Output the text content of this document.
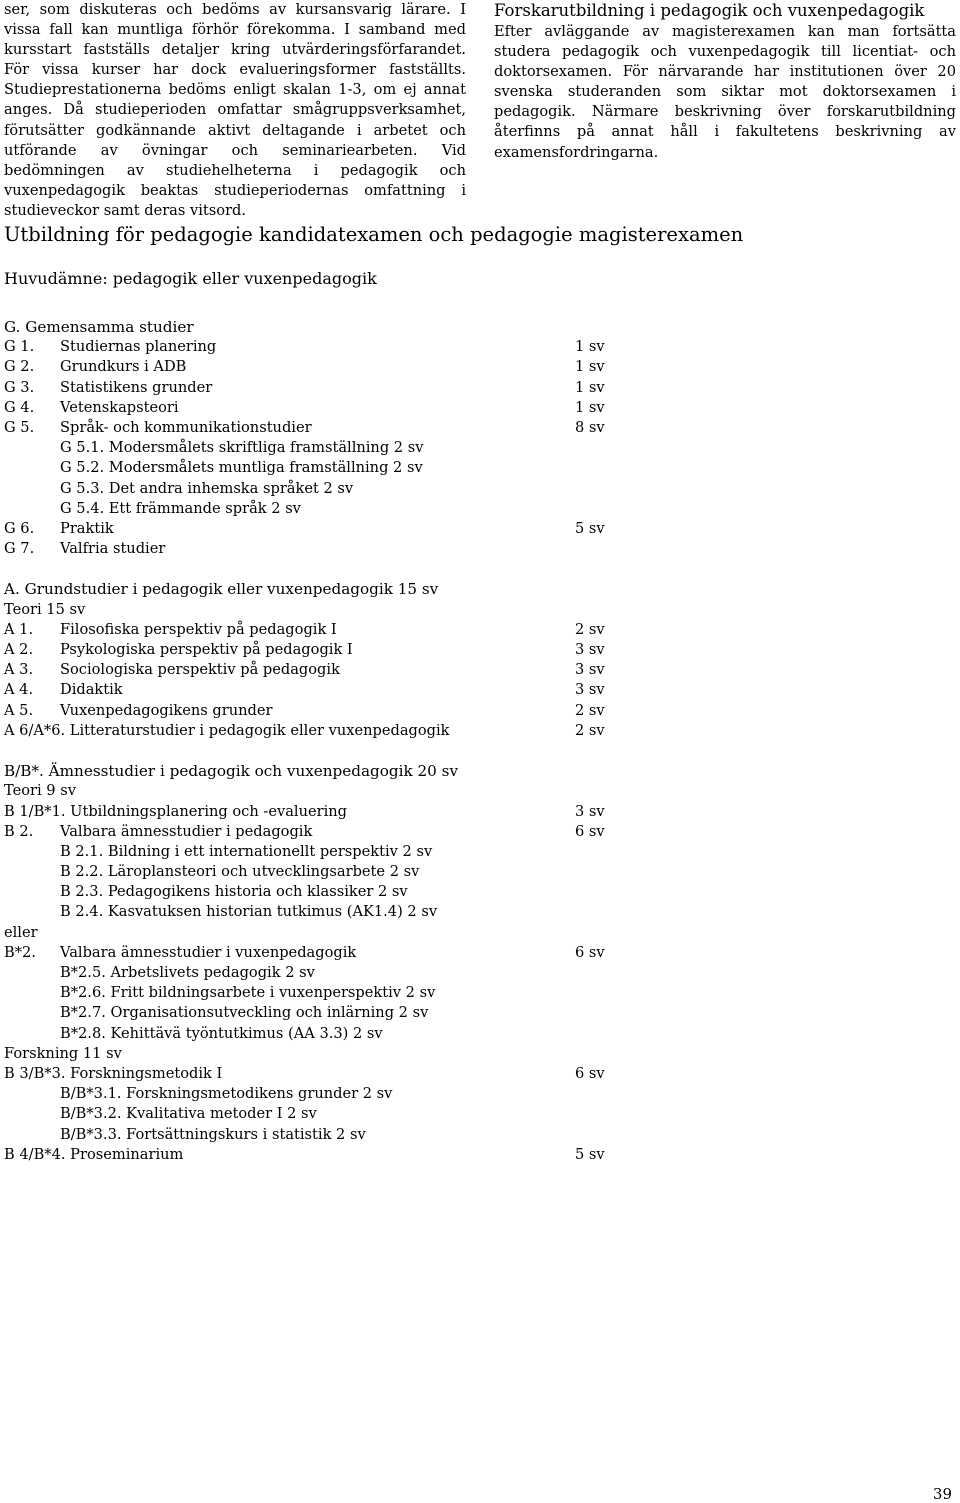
ser, som diskuteras och bedöms av kursansvarig lärare. I vissa fall kan muntliga förhör förekomma. I samband med kursstart fastställs detaljer kring utvärderingsförfarandet. För vissa kurser har dock evalueringsformer fastställts. Studieprestationerna bedöms enligt skalan 1-3, om ej annat anges. Då studieperioden omfattar smågruppsverksamhet, förutsätter godkännande aktivt deltagande i arbetet och utförande av övningar och seminariearbeten. Vid bedömningen av studiehelheterna i pedagogik och vuxenpedagogik beaktas studieperiodernas omfattning i studieveckor samt deras vitsord.

Forskarutbildning i pedagogik och vuxenpedagogik

Efter avläggande av magisterexamen kan man fortsätta studera pedagogik och vuxenpedagogik till licentiat- och doktorsexamen. För närvarande har institutionen över 20 svenska studeranden som siktar mot doktorsexamen i pedagogik. Närmare beskrivning över forskarutbildning återfinns på annat håll i fakultetens beskrivning av examensfordringarna.

Utbildning för pedagogie kandidatexamen och pedagogie magisterexamen
Huvudämne: pedagogik eller vuxenpedagogik
G. Gemensamma studier
G 1. Studiernas planering	1 sv
G 2. Grundkurs i ADB	1 sv
G 3. Statistikens grunder	1 sv
G 4. Vetenskapsteori	1 sv
G 5. Språk- och kommunikationstudier	8 sv
G 5.1. Modersmålets skriftliga framställning 2 sv
G 5.2. Modersmålets muntliga framställning 2 sv
G 5.3. Det andra inhemska språket 2 sv
G 5.4. Ett främmande språk 2 sv
G 6. Praktik	5 sv
G 7. Valfria studier
A. Grundstudier i pedagogik eller vuxenpedagogik 15 sv
Teori 15 sv
A 1. Filosofiska perspektiv på pedagogik I	2 sv
A 2. Psykologiska perspektiv på pedagogik I	3 sv
A 3. Sociologiska perspektiv på pedagogik	3 sv
A 4. Didaktik	3 sv
A 5. Vuxenpedagogikens grunder	2 sv
A 6/A*6. Litteraturstudier i pedagogik eller vuxenpedagogik	2 sv
B/B*. Ämnesstudier i pedagogik och vuxenpedagogik 20 sv
Teori 9 sv
B 1/B*1. Utbildningsplanering och -evaluering	3 sv
B 2. Valbara ämnesstudier i pedagogik	6 sv
B 2.1. Bildning i ett internationellt perspektiv 2 sv
B 2.2. Läroplansteori och utvecklingsarbete 2 sv
B 2.3. Pedagogikens historia och klassiker 2 sv
B 2.4. Kasvatuksen historian tutkimus (AK1.4) 2 sv
eller
B*2. Valbara ämnesstudier i vuxenpedagogik	6 sv
B*2.5. Arbetslivets pedagogik 2 sv
B*2.6. Fritt bildningsarbete i vuxenperspektiv 2 sv
B*2.7. Organisationsutveckling och inlärning 2 sv
B*2.8. Kehittävä työntutkimus (AA 3.3) 2 sv
Forskning 11 sv
B 3/B*3. Forskningsmetodik I	6 sv
B/B*3.1. Forskningsmetodikens grunder 2 sv
B/B*3.2. Kvalitativa metoder I 2 sv
B/B*3.3. Fortsättningskurs i statistik 2 sv
B 4/B*4. Proseminarium	5 sv
39
